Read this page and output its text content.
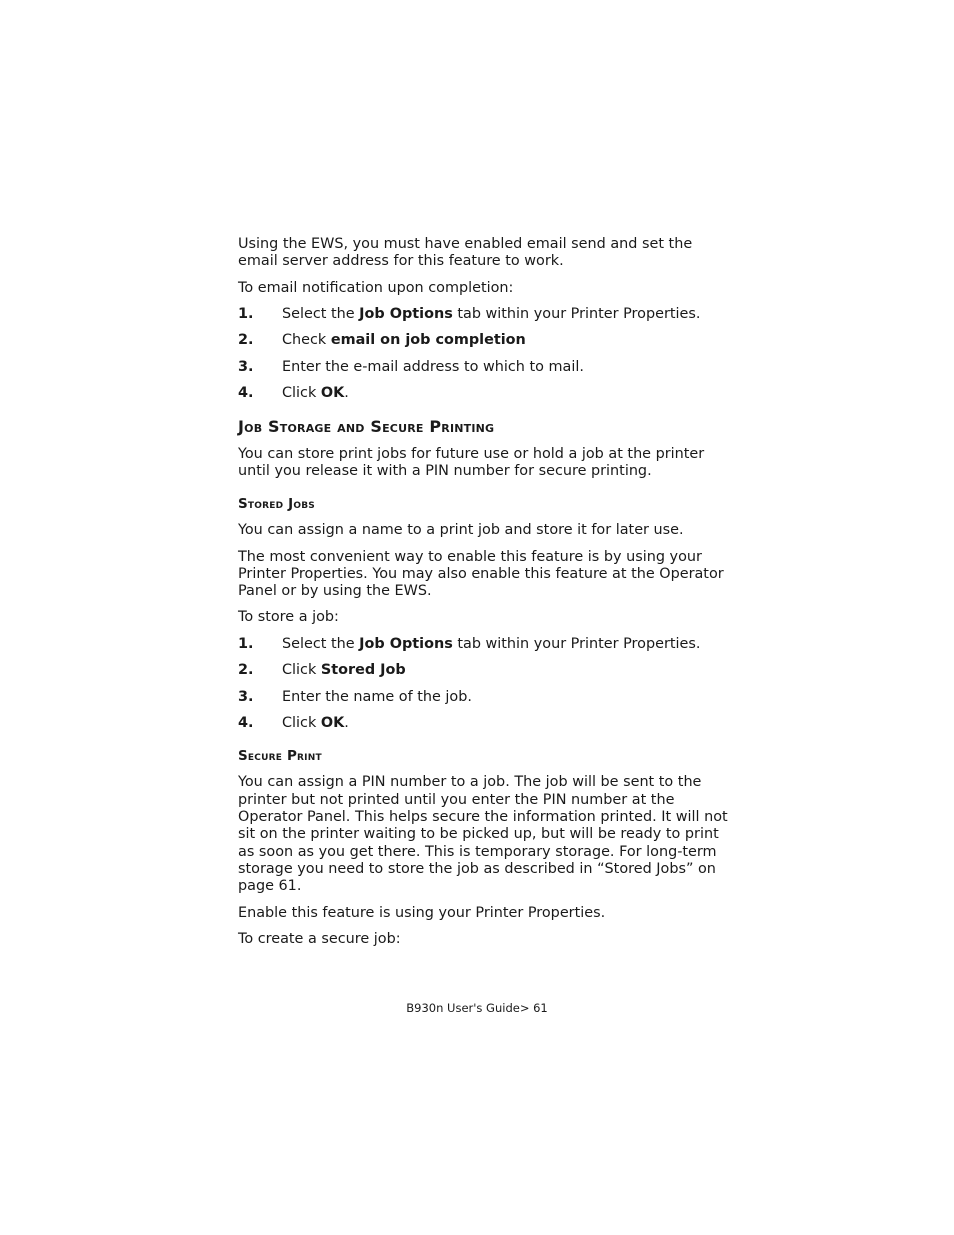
Using the EWS, you must have enabled email send and set the email server address for this feature to work.

To email notification upon completion:

1.	Select the Job Options tab within your Printer Properties.
2.	Check email on job completion
3.	Enter the e-mail address to which to mail.
4.	Click OK.
Job Storage and Secure Printing

You can store print jobs for future use or hold a job at the printer until you release it with a PIN number for secure printing.

Stored Jobs

You can assign a name to a print job and store it for later use.

The most convenient way to enable this feature is by using your Printer Properties. You may also enable this feature at the Operator Panel or by using the EWS.

To store a job:

1.	Select the Job Options tab within your Printer Properties.
2.	Click Stored Job
3.	Enter the name of the job.
4.	Click OK.
Secure Print

You can assign a PIN number to a job. The job will be sent to the printer but not printed until you enter the PIN number at the Operator Panel. This helps secure the information printed. It will not sit on the printer waiting to be picked up, but will be ready to print as soon as you get there. This is temporary storage. For long-term storage you need to store the job as described in “Stored Jobs” on page 61.

Enable this feature is using your Printer Properties.

To create a secure job:

B930n User's Guide> 61
